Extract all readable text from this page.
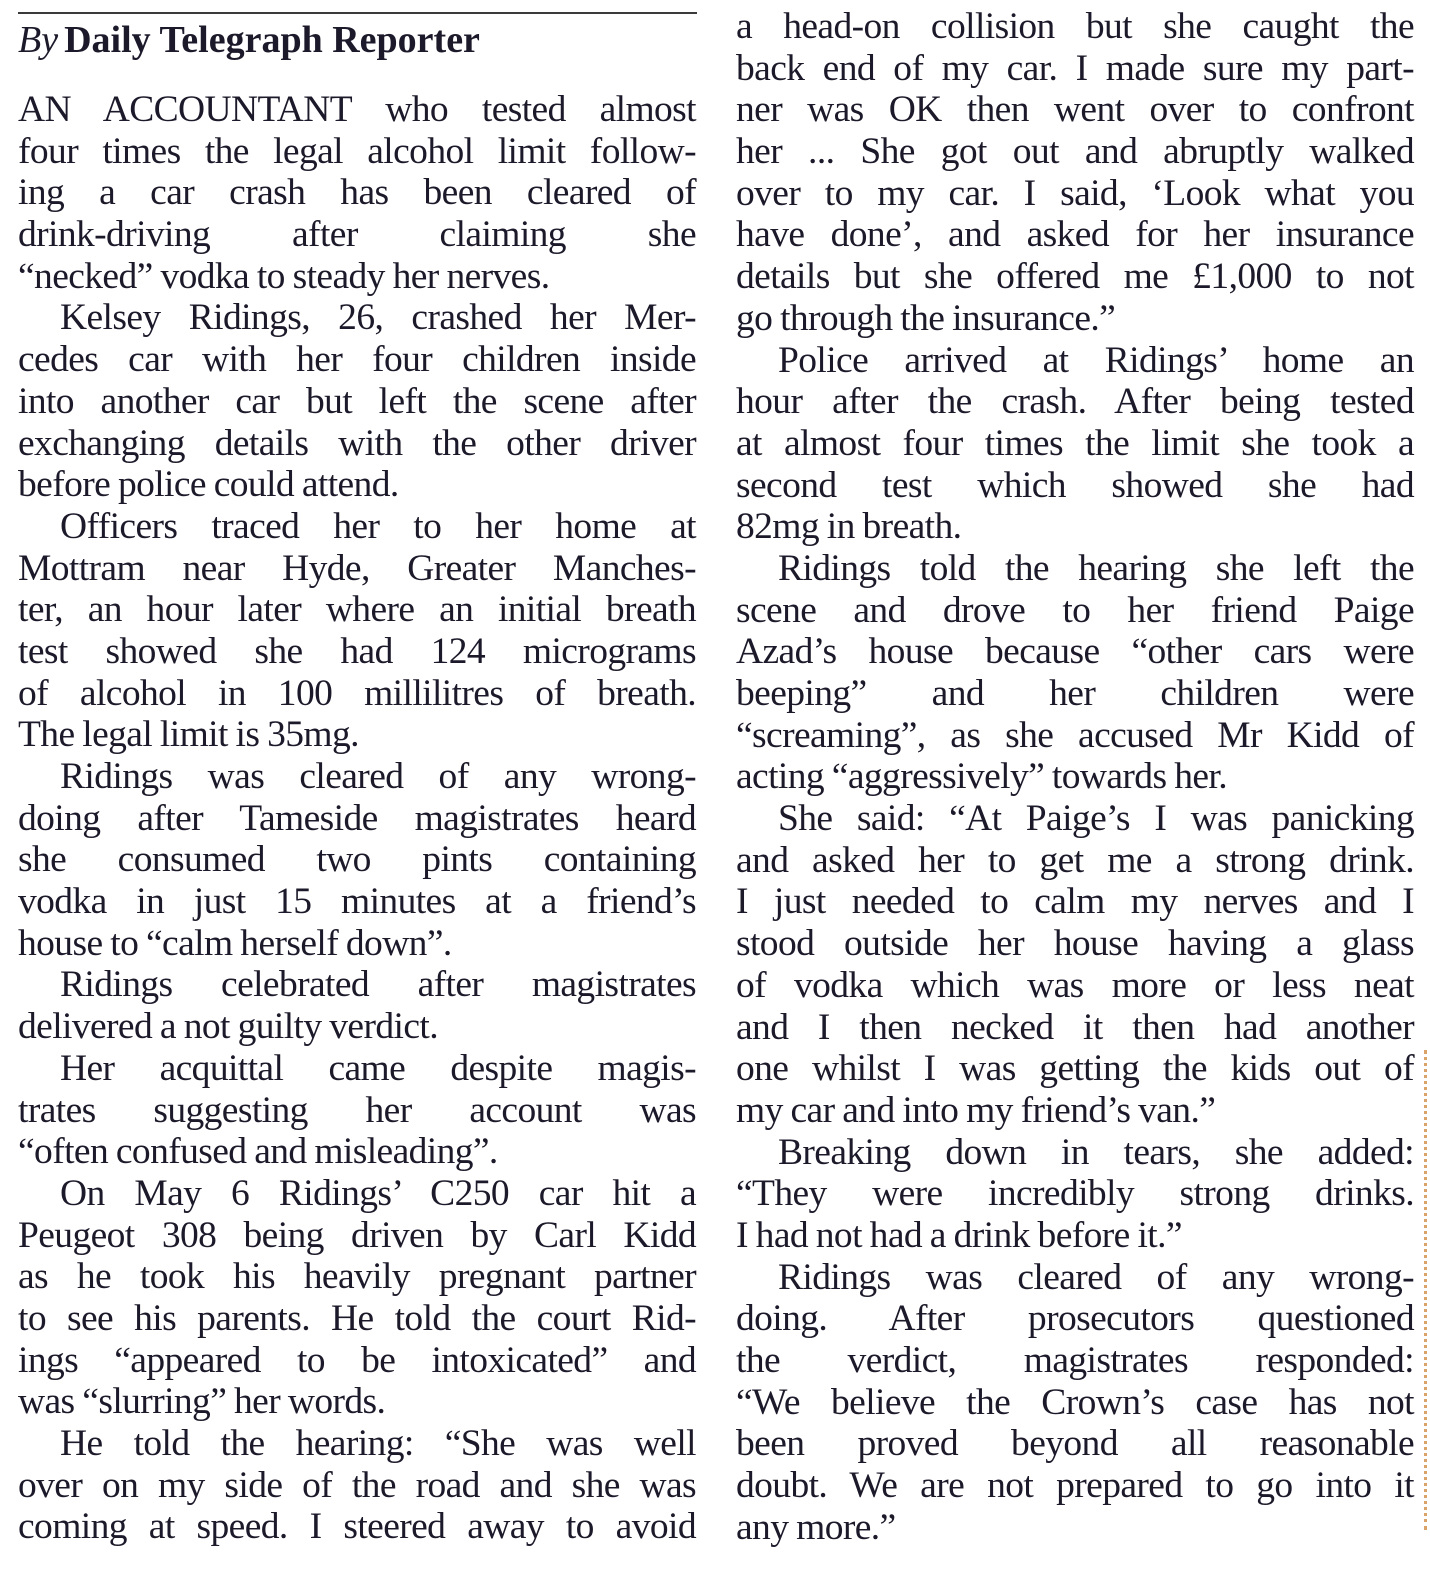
By Daily Telegraph Reporter
AN ACCOUNTANT who tested almost
four times the legal alcohol limit follow-
ing a car crash has been cleared of
drink-driving after claiming she
“necked” vodka to steady her nerves.
Kelsey Ridings, 26, crashed her Mer-
cedes car with her four children inside
into another car but left the scene after
exchanging details with the other driver
before police could attend.
Officers traced her to her home at
Mottram near Hyde, Greater Manches-
ter, an hour later where an initial breath
test showed she had 124 micrograms
of alcohol in 100 millilitres of breath.
The legal limit is 35mg.
Ridings was cleared of any wrong-
doing after Tameside magistrates heard
she consumed two pints containing
vodka in just 15 minutes at a friend’s
house to “calm herself down”.
Ridings celebrated after magistrates
delivered a not guilty verdict.
Her acquittal came despite magis-
trates suggesting her account was
“often confused and misleading”.
On May 6 Ridings’ C250 car hit a
Peugeot 308 being driven by Carl Kidd
as he took his heavily pregnant partner
to see his parents. He told the court Rid-
ings “appeared to be intoxicated” and
was “slurring” her words.
He told the hearing: “She was well
over on my side of the road and she was
coming at speed. I steered away to avoid
a head-on collision but she caught the
back end of my car. I made sure my part-
ner was OK then went over to confront
her ... She got out and abruptly walked
over to my car. I said, ‘Look what you
have done’, and asked for her insurance
details but she offered me £1,000 to not
go through the insurance.”
Police arrived at Ridings’ home an
hour after the crash. After being tested
at almost four times the limit she took a
second test which showed she had
82mg in breath.
Ridings told the hearing she left the
scene and drove to her friend Paige
Azad’s house because “other cars were
beeping” and her children were
“screaming”, as she accused Mr Kidd of
acting “aggressively” towards her.
She said: “At Paige’s I was panicking
and asked her to get me a strong drink.
I just needed to calm my nerves and I
stood outside her house having a glass
of vodka which was more or less neat
and I then necked it then had another
one whilst I was getting the kids out of
my car and into my friend’s van.”
Breaking down in tears, she added:
“They were incredibly strong drinks.
I had not had a drink before it.”
Ridings was cleared of any wrong-
doing. After prosecutors questioned
the verdict, magistrates responded:
“We believe the Crown’s case has not
been proved beyond all reasonable
doubt. We are not prepared to go into it
any more.”
